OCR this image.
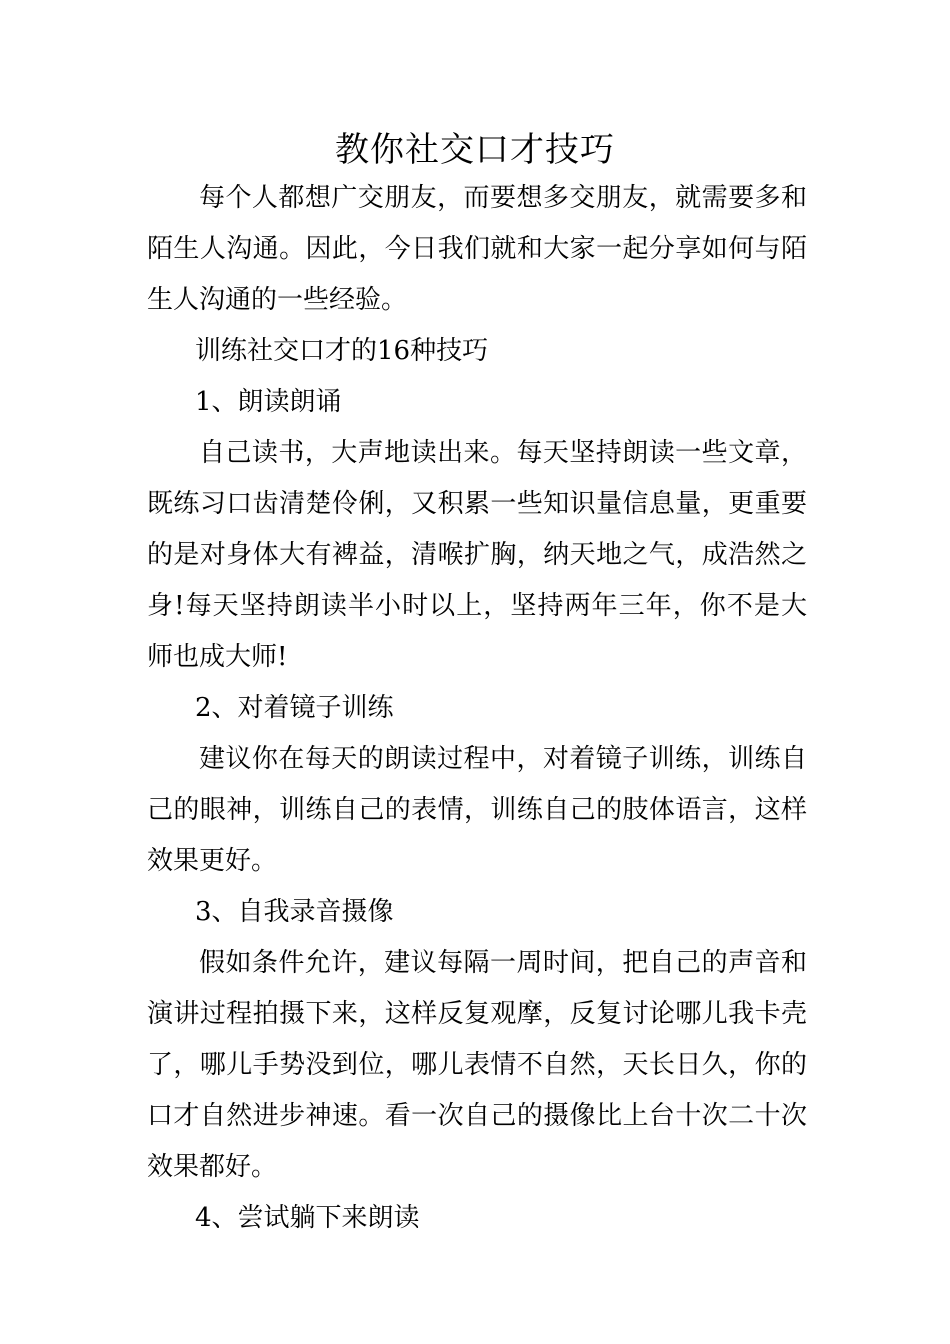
教你社交口才技巧

每个人都想广交朋友，而要想多交朋友，就需要多和陌生人沟通。因此，今日我们就和大家一起分享如何与陌生人沟通的一些经验。

训练社交口才的16种技巧

1、朗读朗诵

自己读书，大声地读出来。每天坚持朗读一些文章，既练习口齿清楚伶俐，又积累一些知识量信息量，更重要的是对身体大有裨益，清喉扩胸，纳天地之气，成浩然之身!每天坚持朗读半小时以上，坚持两年三年，你不是大师也成大师!

2、对着镜子训练

建议你在每天的朗读过程中，对着镜子训练，训练自己的眼神，训练自己的表情，训练自己的肢体语言，这样效果更好。

3、自我录音摄像

假如条件允许，建议每隔一周时间，把自己的声音和演讲过程拍摄下来，这样反复观摩，反复讨论哪儿我卡壳了，哪儿手势没到位，哪儿表情不自然，天长日久，你的口才自然进步神速。看一次自己的摄像比上台十次二十次效果都好。

4、尝试躺下来朗读
